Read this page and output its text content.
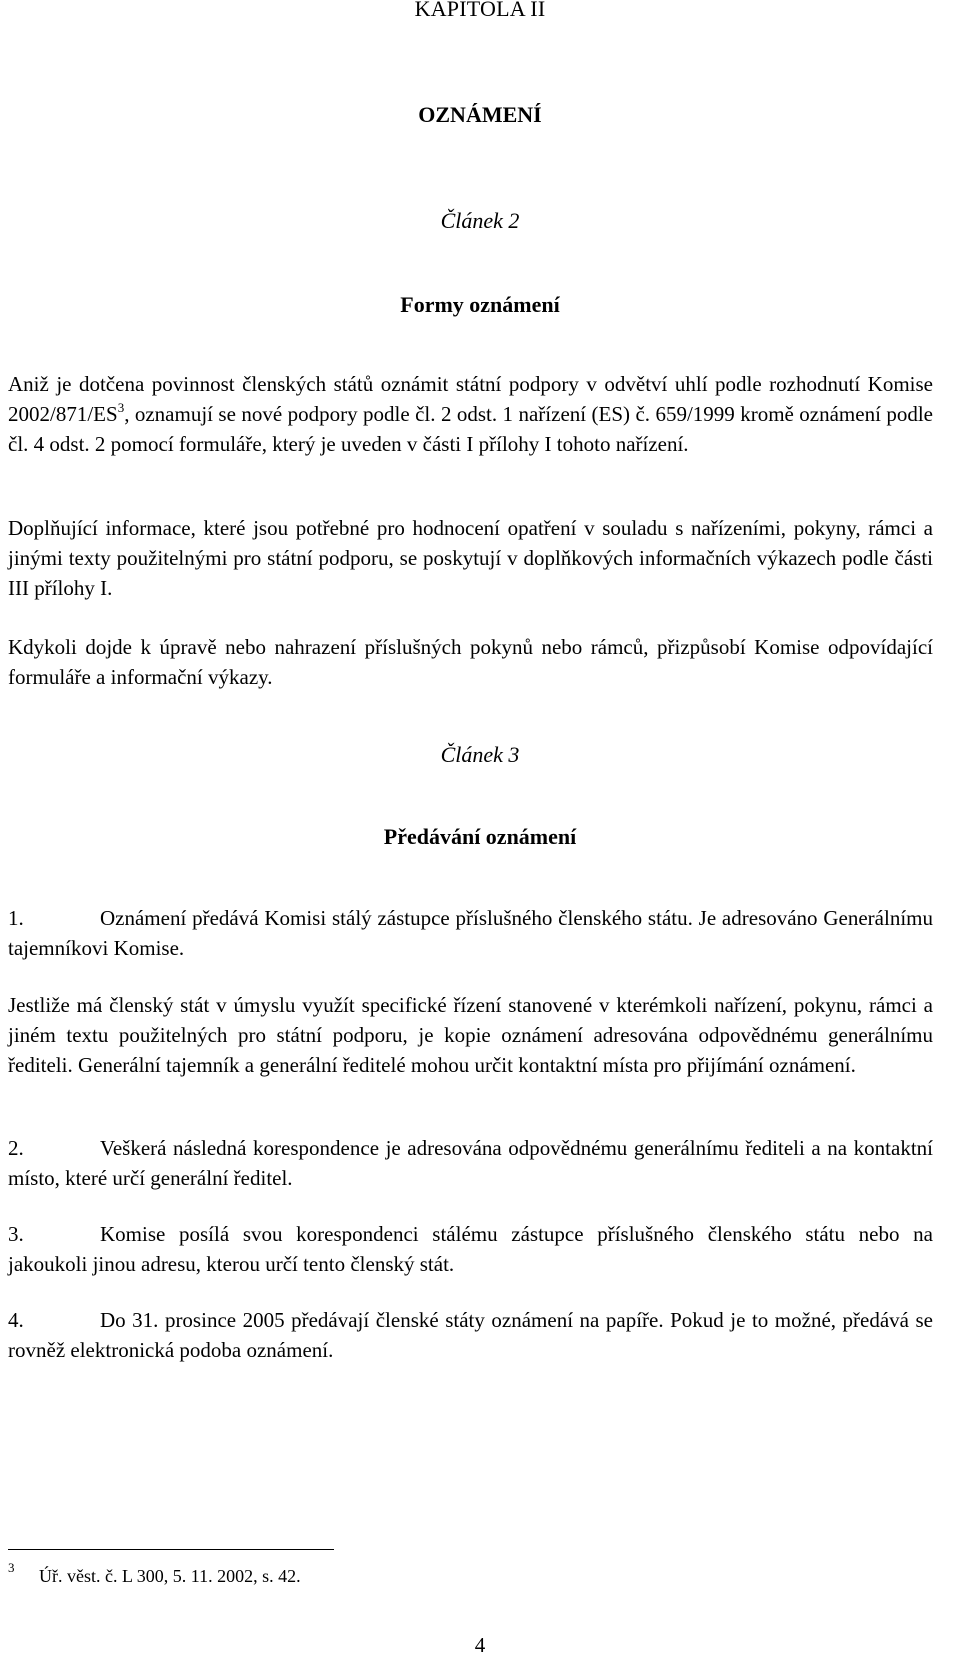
KAPITOLA II
OZNÁMENÍ
Článek 2
Formy oznámení
Aniž je dotčena povinnost členských států oznámit státní podpory v odvětví uhlí podle rozhodnutí Komise $2002/871/ES^3$, oznamují se nové podpory podle čl. 2 odst. 1 nařízení (ES) č. 659/1999 kromě oznámení podle čl. 4 odst. 2 pomocí formuláře, který je uveden v části I přílohy I tohoto nařízení.
Doplňující informace, které jsou potřebné pro hodnocení opatření v souladu s nařízeními, pokyny, rámci a jinými texty použitelnými pro státní podporu, se poskytují v doplňkových informačních výkazech podle části III přílohy I.
Kdykoli dojde k úpravě nebo nahrazení příslušných pokynů nebo rámců, přizpůsobí Komise odpovídající formuláře a informační výkazy.
Článek 3
Předávání oznámení
1.	Oznámení předává Komisi stálý zástupce příslušného členského státu. Je adresováno Generálnímu tajemníkovi Komise.
Jestliže má členský stát v úmyslu využít specifické řízení stanovené v kterémkoli nařízení, pokynu, rámci a jiném textu použitelných pro státní podporu, je kopie oznámení adresována odpovědnému generálnímu řediteli. Generální tajemník a generální ředitelé mohou určit kontaktní místa pro přijímání oznámení.
2.	Veškerá následná korespondence je adresována odpovědnému generálnímu řediteli a na kontaktní místo, které určí generální ředitel.
3.	Komise posílá svou korespondenci stálému zástupce příslušného členského státu nebo na jakoukoli jinou adresu, kterou určí tento členský stát.
4.	Do 31. prosince 2005 předávají členské státy oznámení na papíře. Pokud je to možné, předává se rovněž elektronická podoba oznámení.
3 Úř. věst. č. L 300, 5. 11. 2002, s. 42.
4
